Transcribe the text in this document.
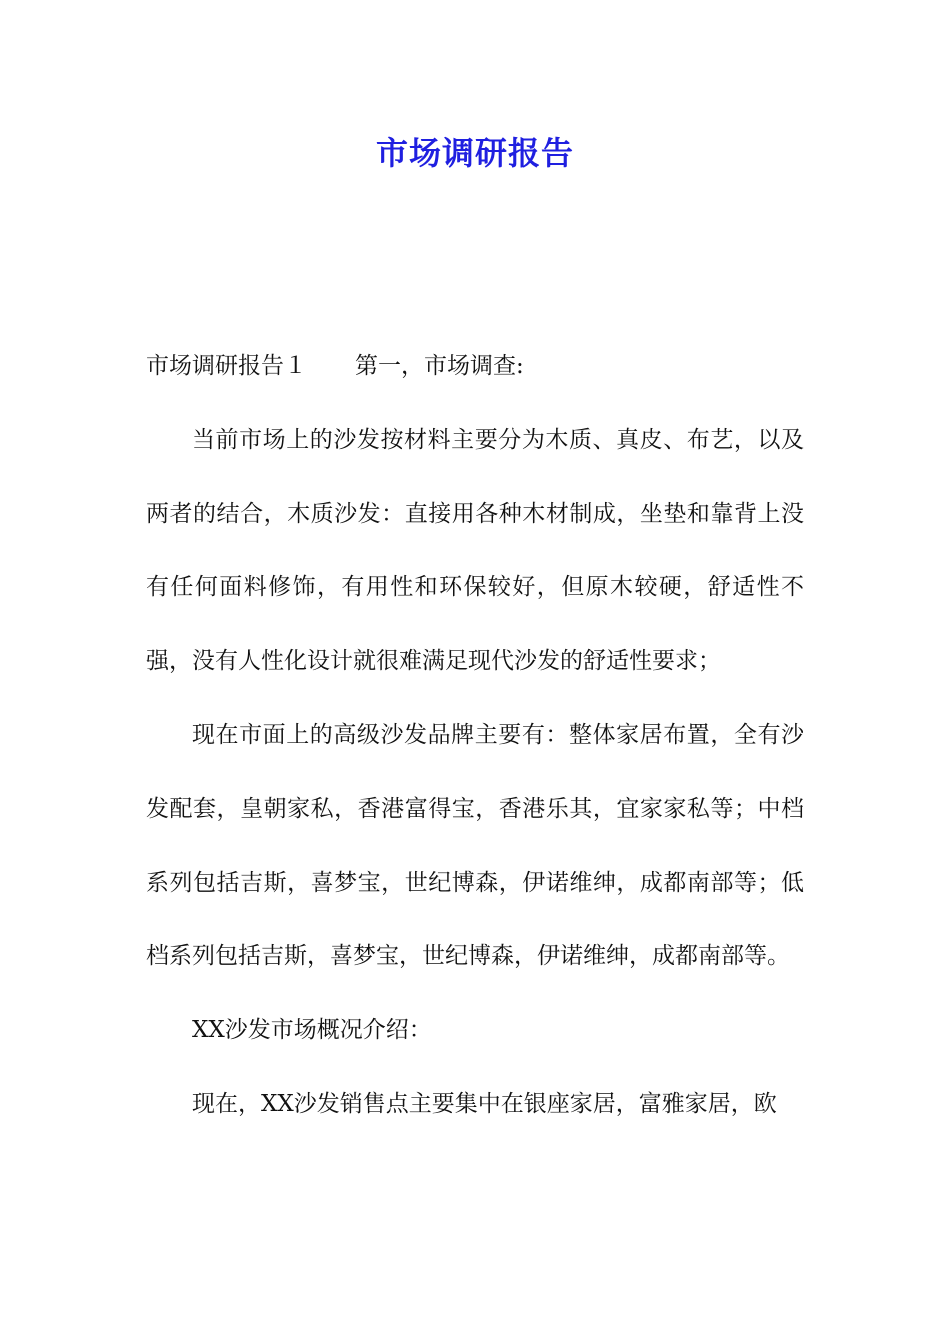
市场调研报告

市场调研报告１ 第一，市场调查:

当前市场上的沙发按材料主要分为木质、真皮、布艺，以及两者的结合，木质沙发：直接用各种木材制成，坐垫和靠背上没有任何面料修饰，有用性和环保较好，但原木较硬，舒适性不强，没有人性化设计就很难满足现代沙发的舒适性要求；

现在市面上的高级沙发品牌主要有：整体家居布置，全有沙发配套，皇朝家私，香港富得宝，香港乐其，宜家家私等；中档系列包括吉斯，喜梦宝，世纪博森，伊诺维绅，成都南部等；低档系列包括吉斯，喜梦宝，世纪博森，伊诺维绅，成都南部等。

XX沙发市场概况介绍：

现在，XX沙发销售点主要集中在银座家居，富雅家居，欧
